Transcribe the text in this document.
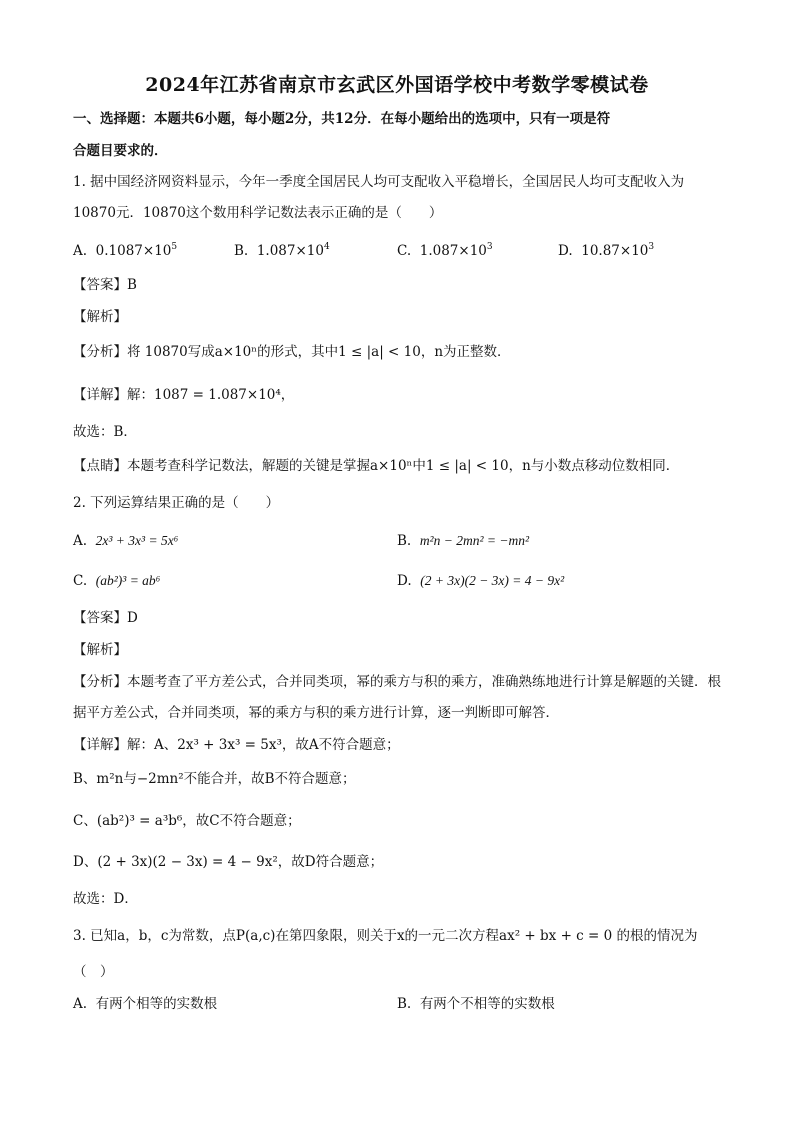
2024年江苏省南京市玄武区外国语学校中考数学零模试卷
一、选择题：本题共6小题，每小题2分，共12分．在每小题给出的选项中，只有一项是符
合题目要求的．
1. 据中国经济网资料显示，今年一季度全国居民人均可支配收入平稳增长，全国居民人均可支配收入为
10870元．10870这个数用科学记数法表示正确的是（　　）
A. $0.1087\times 10^5$	B. $1.087\times 10^4$	C. $1.087\times 10^3$	D. $10.87\times 10^3$
【答案】B
【解析】
【分析】将 10870写成a×10ⁿ的形式，其中1 ≤ |a| < 10，n为正整数．
【详解】解：1087 = 1.087×10⁴，
故选：B．
【点睛】本题考查科学记数法，解题的关键是掌握a×10ⁿ中1 ≤ |a| < 10，n与小数点移动位数相同．
2. 下列运算结果正确的是（　　）
A. 2x³ + 3x³ = 5x⁶	B. m²n − 2mn² = −mn²
C. (ab²)³ = ab⁶	D. (2 + 3x)(2 − 3x) = 4 − 9x²
【答案】D
【解析】
【分析】本题考查了平方差公式，合并同类项，幂的乘方与积的乘方，准确熟练地进行计算是解题的关键．根
据平方差公式，合并同类项，幂的乘方与积的乘方进行计算，逐一判断即可解答．
【详解】解：A、2x³ + 3x³ = 5x³，故A不符合题意；
B、m²n与−2mn²不能合并，故B不符合题意；
C、(ab²)³ = a³b⁶，故C不符合题意；
D、(2 + 3x)(2 − 3x) = 4 − 9x²，故D符合题意；
故选：D．
3. 已知a，b，c为常数，点P(a,c)在第四象限，则关于x的一元二次方程ax² + bx + c = 0 的根的情况为
（　）
A. 有两个相等的实数根	B. 有两个不相等的实数根
